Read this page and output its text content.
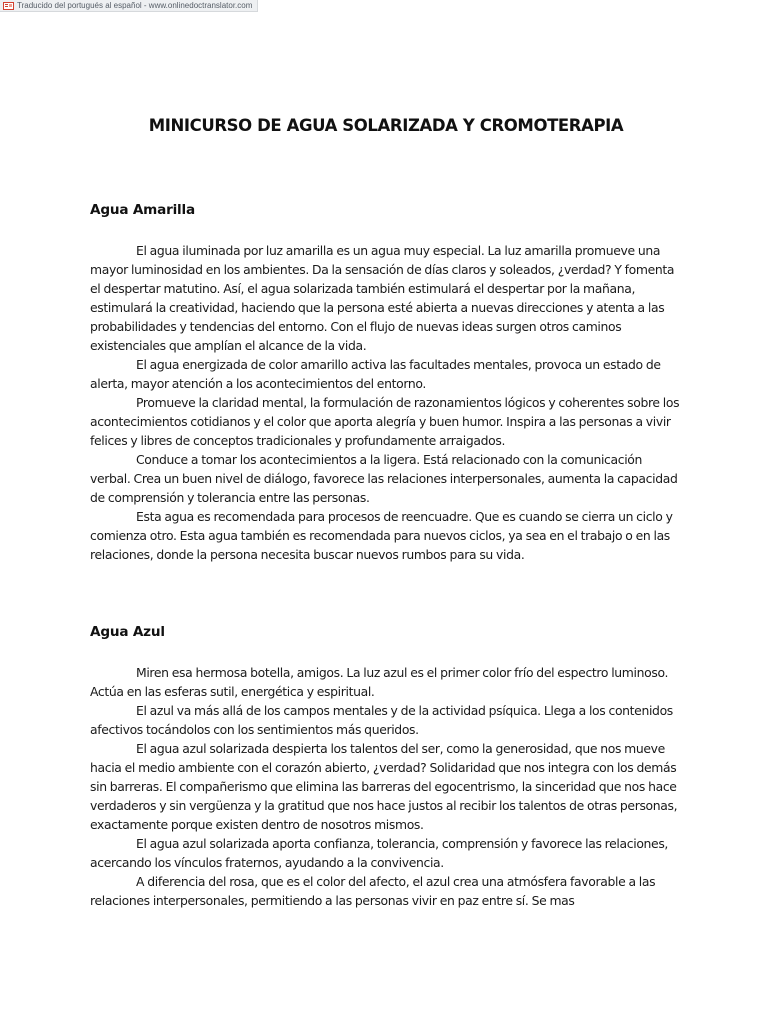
Traducido del portugués al español - www.onlinedoctranslator.com
MINICURSO DE AGUA SOLARIZADA Y CROMOTERAPIA
Agua Amarilla

El agua iluminada por luz amarilla es un agua muy especial. La luz amarilla promueve una mayor luminosidad en los ambientes. Da la sensación de días claros y soleados, ¿verdad? Y fomenta el despertar matutino. Así, el agua solarizada también estimulará el despertar por la mañana, estimulará la creatividad, haciendo que la persona esté abierta a nuevas direcciones y atenta a las probabilidades y tendencias del entorno. Con el flujo de nuevas ideas surgen otros caminos existenciales que amplían el alcance de la vida.

El agua energizada de color amarillo activa las facultades mentales, provoca un estado de alerta, mayor atención a los acontecimientos del entorno.

Promueve la claridad mental, la formulación de razonamientos lógicos y coherentes sobre los acontecimientos cotidianos y el color que aporta alegría y buen humor. Inspira a las personas a vivir felices y libres de conceptos tradicionales y profundamente arraigados.

Conduce a tomar los acontecimientos a la ligera. Está relacionado con la comunicación verbal. Crea un buen nivel de diálogo, favorece las relaciones interpersonales, aumenta la capacidad de comprensión y tolerancia entre las personas.

Esta agua es recomendada para procesos de reencuadre. Que es cuando se cierra un ciclo y comienza otro. Esta agua también es recomendada para nuevos ciclos, ya sea en el trabajo o en las relaciones, donde la persona necesita buscar nuevos rumbos para su vida.

Agua Azul

Miren esa hermosa botella, amigos. La luz azul es el primer color frío del espectro luminoso. Actúa en las esferas sutil, energética y espiritual.

El azul va más allá de los campos mentales y de la actividad psíquica. Llega a los contenidos afectivos tocándolos con los sentimientos más queridos.

El agua azul solarizada despierta los talentos del ser, como la generosidad, que nos mueve hacia el medio ambiente con el corazón abierto, ¿verdad? Solidaridad que nos integra con los demás sin barreras. El compañerismo que elimina las barreras del egocentrismo, la sinceridad que nos hace verdaderos y sin vergüenza y la gratitud que nos hace justos al recibir los talentos de otras personas, exactamente porque existen dentro de nosotros mismos.

El agua azul solarizada aporta confianza, tolerancia, comprensión y favorece las relaciones, acercando los vínculos fraternos, ayudando a la convivencia.

A diferencia del rosa, que es el color del afecto, el azul crea una atmósfera favorable a las relaciones interpersonales, permitiendo a las personas vivir en paz entre sí. Se mas
